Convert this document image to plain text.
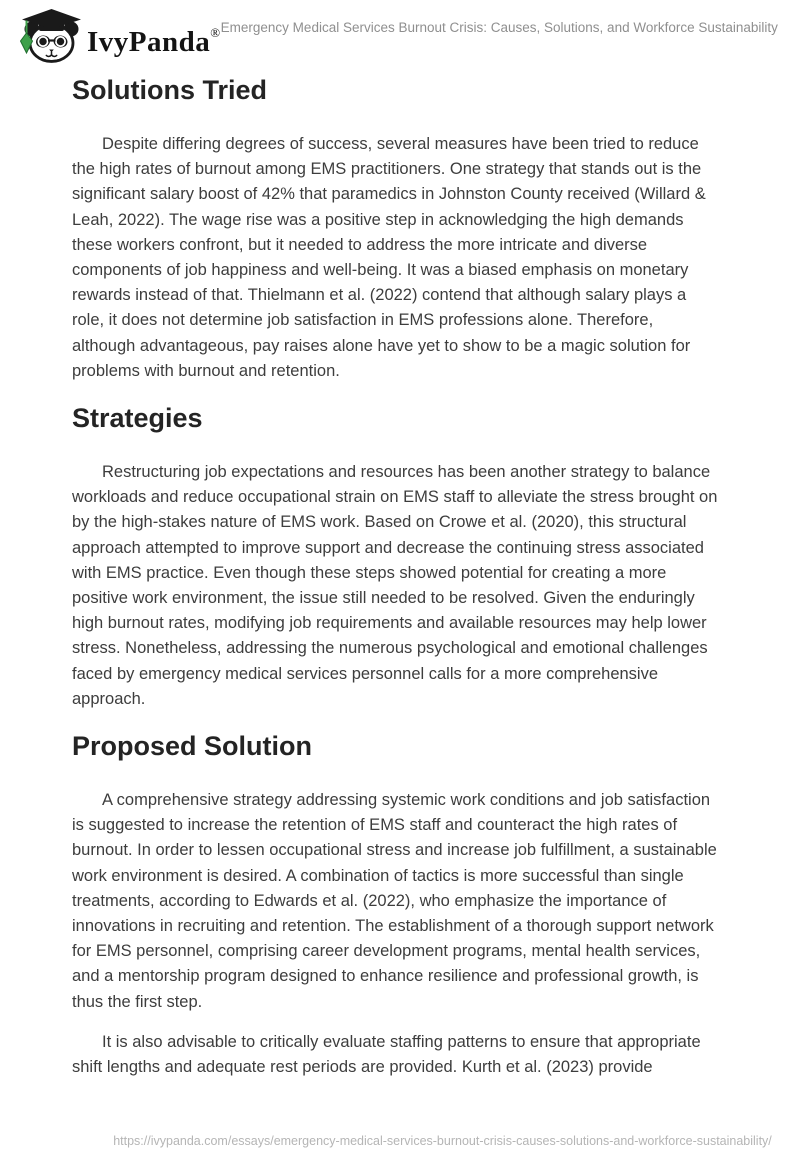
IvyPanda® Emergency Medical Services Burnout Crisis: Causes, Solutions, and Workforce Sustainability
Solutions Tried

Despite differing degrees of success, several measures have been tried to reduce the high rates of burnout among EMS practitioners. One strategy that stands out is the significant salary boost of 42% that paramedics in Johnston County received (Willard & Leah, 2022). The wage rise was a positive step in acknowledging the high demands these workers confront, but it needed to address the more intricate and diverse components of job happiness and well-being. It was a biased emphasis on monetary rewards instead of that. Thielmann et al. (2022) contend that although salary plays a role, it does not determine job satisfaction in EMS professions alone. Therefore, although advantageous, pay raises alone have yet to show to be a magic solution for problems with burnout and retention.

Strategies

Restructuring job expectations and resources has been another strategy to balance workloads and reduce occupational strain on EMS staff to alleviate the stress brought on by the high-stakes nature of EMS work. Based on Crowe et al. (2020), this structural approach attempted to improve support and decrease the continuing stress associated with EMS practice. Even though these steps showed potential for creating a more positive work environment, the issue still needed to be resolved. Given the enduringly high burnout rates, modifying job requirements and available resources may help lower stress. Nonetheless, addressing the numerous psychological and emotional challenges faced by emergency medical services personnel calls for a more comprehensive approach.

Proposed Solution

A comprehensive strategy addressing systemic work conditions and job satisfaction is suggested to increase the retention of EMS staff and counteract the high rates of burnout. In order to lessen occupational stress and increase job fulfillment, a sustainable work environment is desired. A combination of tactics is more successful than single treatments, according to Edwards et al. (2022), who emphasize the importance of innovations in recruiting and retention. The establishment of a thorough support network for EMS personnel, comprising career development programs, mental health services, and a mentorship program designed to enhance resilience and professional growth, is thus the first step.

It is also advisable to critically evaluate staffing patterns to ensure that appropriate shift lengths and adequate rest periods are provided. Kurth et al. (2023) provide

https://ivypanda.com/essays/emergency-medical-services-burnout-crisis-causes-solutions-and-workforce-sustainability/
